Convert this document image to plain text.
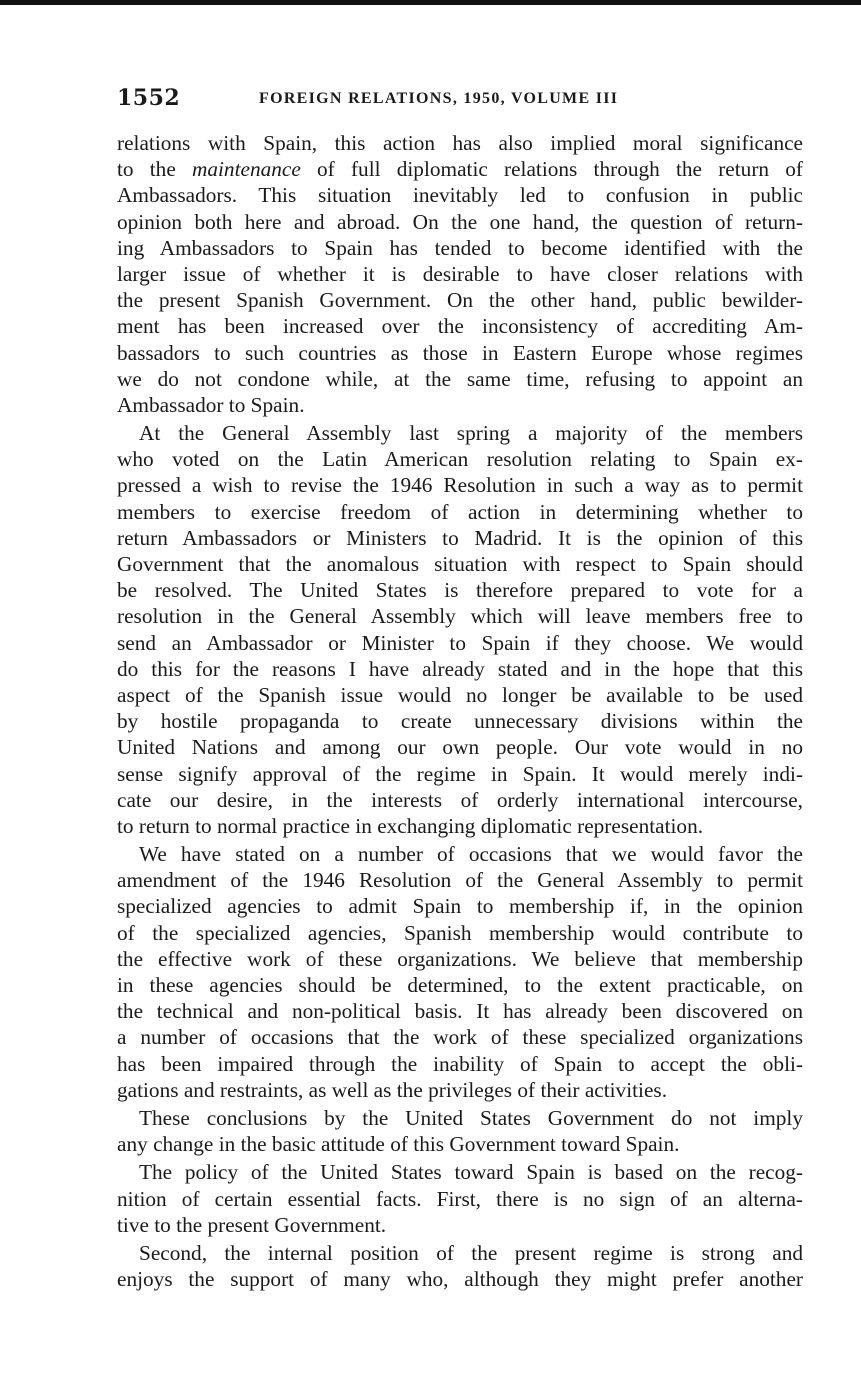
1552	FOREIGN RELATIONS, 1950, VOLUME III
relations with Spain, this action has also implied moral significance
to the maintenance of full diplomatic relations through the return of
Ambassadors. This situation inevitably led to confusion in public
opinion both here and abroad. On the one hand, the question of return-
ing Ambassadors to Spain has tended to become identified with the
larger issue of whether it is desirable to have closer relations with
the present Spanish Government. On the other hand, public bewilder-
ment has been increased over the inconsistency of accrediting Am-
bassadors to such countries as those in Eastern Europe whose regimes
we do not condone while, at the same time, refusing to appoint an
Ambassador to Spain.
At the General Assembly last spring a majority of the members
who voted on the Latin American resolution relating to Spain ex-
pressed a wish to revise the 1946 Resolution in such a way as to permit
members to exercise freedom of action in determining whether to
return Ambassadors or Ministers to Madrid. It is the opinion of this
Government that the anomalous situation with respect to Spain should
be resolved. The United States is therefore prepared to vote for a
resolution in the General Assembly which will leave members free to
send an Ambassador or Minister to Spain if they choose. We would
do this for the reasons I have already stated and in the hope that this
aspect of the Spanish issue would no longer be available to be used
by hostile propaganda to create unnecessary divisions within the
United Nations and among our own people. Our vote would in no
sense signify approval of the regime in Spain. It would merely indi-
cate our desire, in the interests of orderly international intercourse,
to return to normal practice in exchanging diplomatic representation.
We have stated on a number of occasions that we would favor the
amendment of the 1946 Resolution of the General Assembly to permit
specialized agencies to admit Spain to membership if, in the opinion
of the specialized agencies, Spanish membership would contribute to
the effective work of these organizations. We believe that membership
in these agencies should be determined, to the extent practicable, on
the technical and non-political basis. It has already been discovered on
a number of occasions that the work of these specialized organizations
has been impaired through the inability of Spain to accept the obli-
gations and restraints, as well as the privileges of their activities.
These conclusions by the United States Government do not imply
any change in the basic attitude of this Government toward Spain.
The policy of the United States toward Spain is based on the recog-
nition of certain essential facts. First, there is no sign of an alterna-
tive to the present Government.
Second, the internal position of the present regime is strong and
enjoys the support of many who, although they might prefer another
